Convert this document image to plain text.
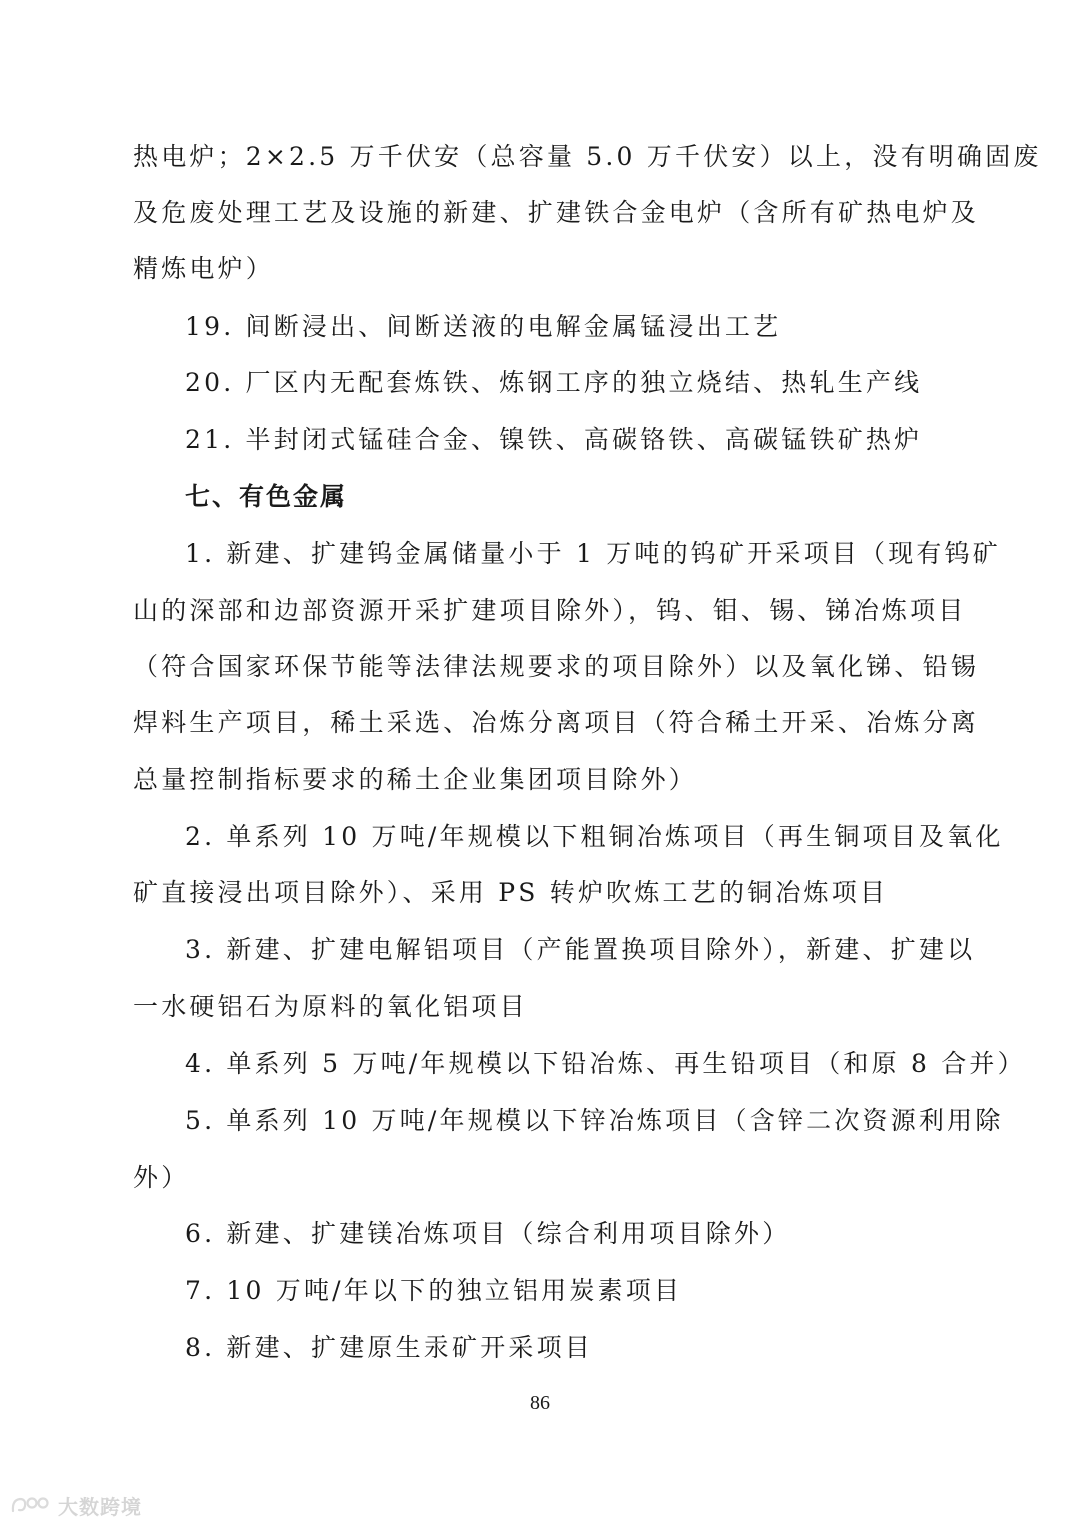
热电炉；2×2.5 万千伏安（总容量 5.0 万千伏安）以上，没有明确固废
及危废处理工艺及设施的新建、扩建铁合金电炉（含所有矿热电炉及
精炼电炉）
19. 间断浸出、间断送液的电解金属锰浸出工艺
20. 厂区内无配套炼铁、炼钢工序的独立烧结、热轧生产线
21. 半封闭式锰硅合金、镍铁、高碳铬铁、高碳锰铁矿热炉
七、有色金属
1. 新建、扩建钨金属储量小于 1 万吨的钨矿开采项目（现有钨矿
山的深部和边部资源开采扩建项目除外），钨、钼、锡、锑冶炼项目
（符合国家环保节能等法律法规要求的项目除外）以及氧化锑、铅锡
焊料生产项目，稀土采选、冶炼分离项目（符合稀土开采、冶炼分离
总量控制指标要求的稀土企业集团项目除外）
2. 单系列 10 万吨/年规模以下粗铜冶炼项目（再生铜项目及氧化
矿直接浸出项目除外）、采用 PS 转炉吹炼工艺的铜冶炼项目
3. 新建、扩建电解铝项目（产能置换项目除外），新建、扩建以
一水硬铝石为原料的氧化铝项目
4. 单系列 5 万吨/年规模以下铅冶炼、再生铅项目（和原 8 合并）
5. 单系列 10 万吨/年规模以下锌冶炼项目（含锌二次资源利用除
外）
6. 新建、扩建镁冶炼项目（综合利用项目除外）
7. 10 万吨/年以下的独立铝用炭素项目
8. 新建、扩建原生汞矿开采项目
86
大数跨境
